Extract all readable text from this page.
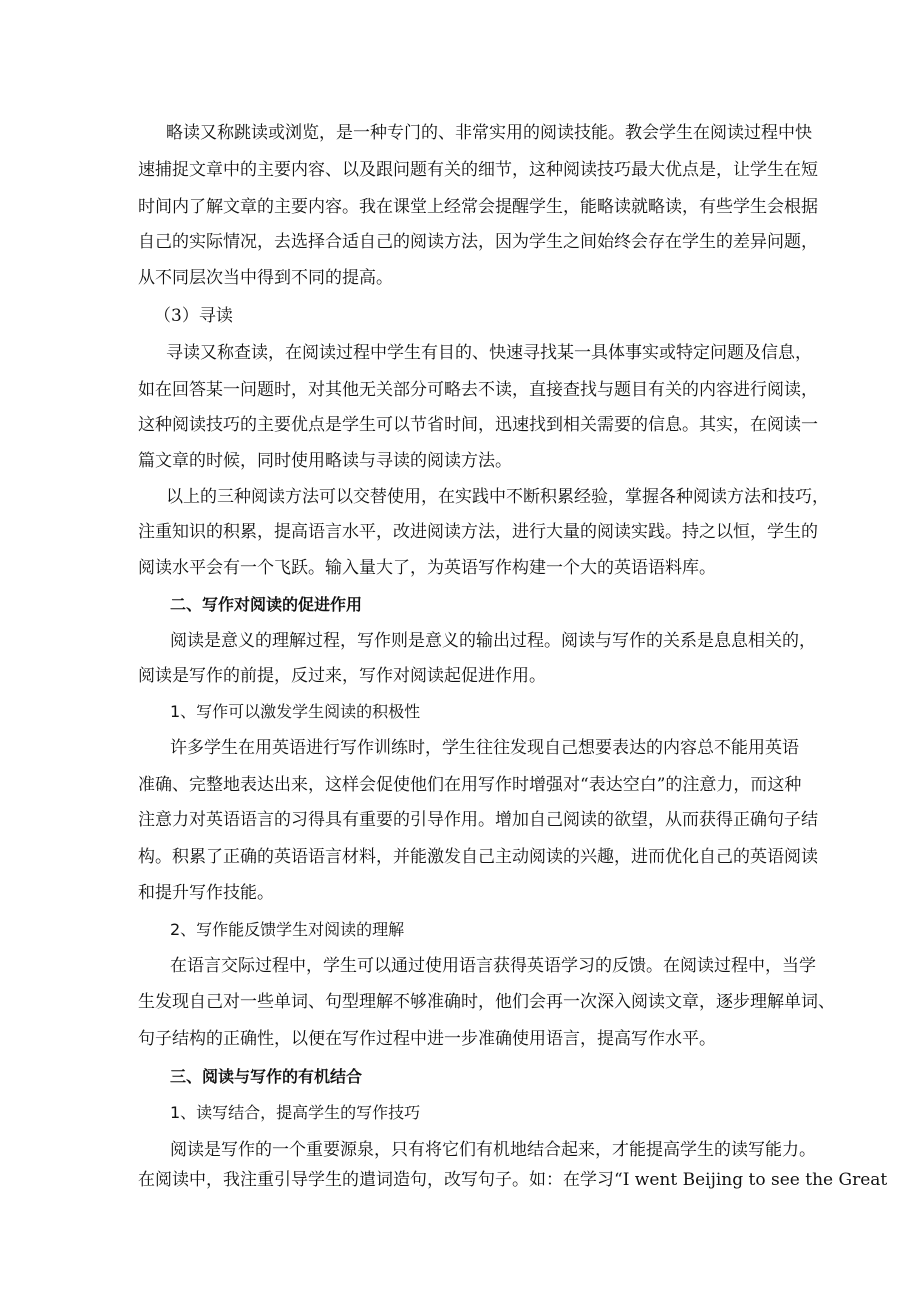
略读又称跳读或浏览，是一种专门的、非常实用的阅读技能。教会学生在阅读过程中快
速捕捉文章中的主要内容、以及跟问题有关的细节，这种阅读技巧最大优点是，让学生在短
时间内了解文章的主要内容。我在课堂上经常会提醒学生，能略读就略读，有些学生会根据
自己的实际情况，去选择合适自己的阅读方法，因为学生之间始终会存在学生的差异问题，
从不同层次当中得到不同的提高。
（3）寻读
寻读又称查读，在阅读过程中学生有目的、快速寻找某一具体事实或特定问题及信息，
如在回答某一问题时，对其他无关部分可略去不读，直接查找与题目有关的内容进行阅读，
这种阅读技巧的主要优点是学生可以节省时间，迅速找到相关需要的信息。其实，在阅读一
篇文章的时候，同时使用略读与寻读的阅读方法。
以上的三种阅读方法可以交替使用，在实践中不断积累经验，掌握各种阅读方法和技巧，
注重知识的积累，提高语言水平，改进阅读方法，进行大量的阅读实践。持之以恒，学生的
阅读水平会有一个飞跃。输入量大了，为英语写作构建一个大的英语语料库。
二、写作对阅读的促进作用
阅读是意义的理解过程，写作则是意义的输出过程。阅读与写作的关系是息息相关的，
阅读是写作的前提，反过来，写作对阅读起促进作用。
1、写作可以激发学生阅读的积极性
许多学生在用英语进行写作训练时，学生往往发现自己想要表达的内容总不能用英语
准确、完整地表达出来，这样会促使他们在用写作时增强对“表达空白”的注意力，而这种
注意力对英语语言的习得具有重要的引导作用。增加自己阅读的欲望，从而获得正确句子结
构。积累了正确的英语语言材料，并能激发自己主动阅读的兴趣，进而优化自己的英语阅读
和提升写作技能。
2、写作能反馈学生对阅读的理解
在语言交际过程中，学生可以通过使用语言获得英语学习的反馈。在阅读过程中，当学
生发现自己对一些单词、句型理解不够准确时，他们会再一次深入阅读文章，逐步理解单词、
句子结构的正确性，以便在写作过程中进一步准确使用语言，提高写作水平。
三、阅读与写作的有机结合
1、读写结合，提高学生的写作技巧
阅读是写作的一个重要源泉，只有将它们有机地结合起来，才能提高学生的读写能力。
在阅读中，我注重引导学生的遣词造句，改写句子。如：在学习“I went Beijing to see the Great
